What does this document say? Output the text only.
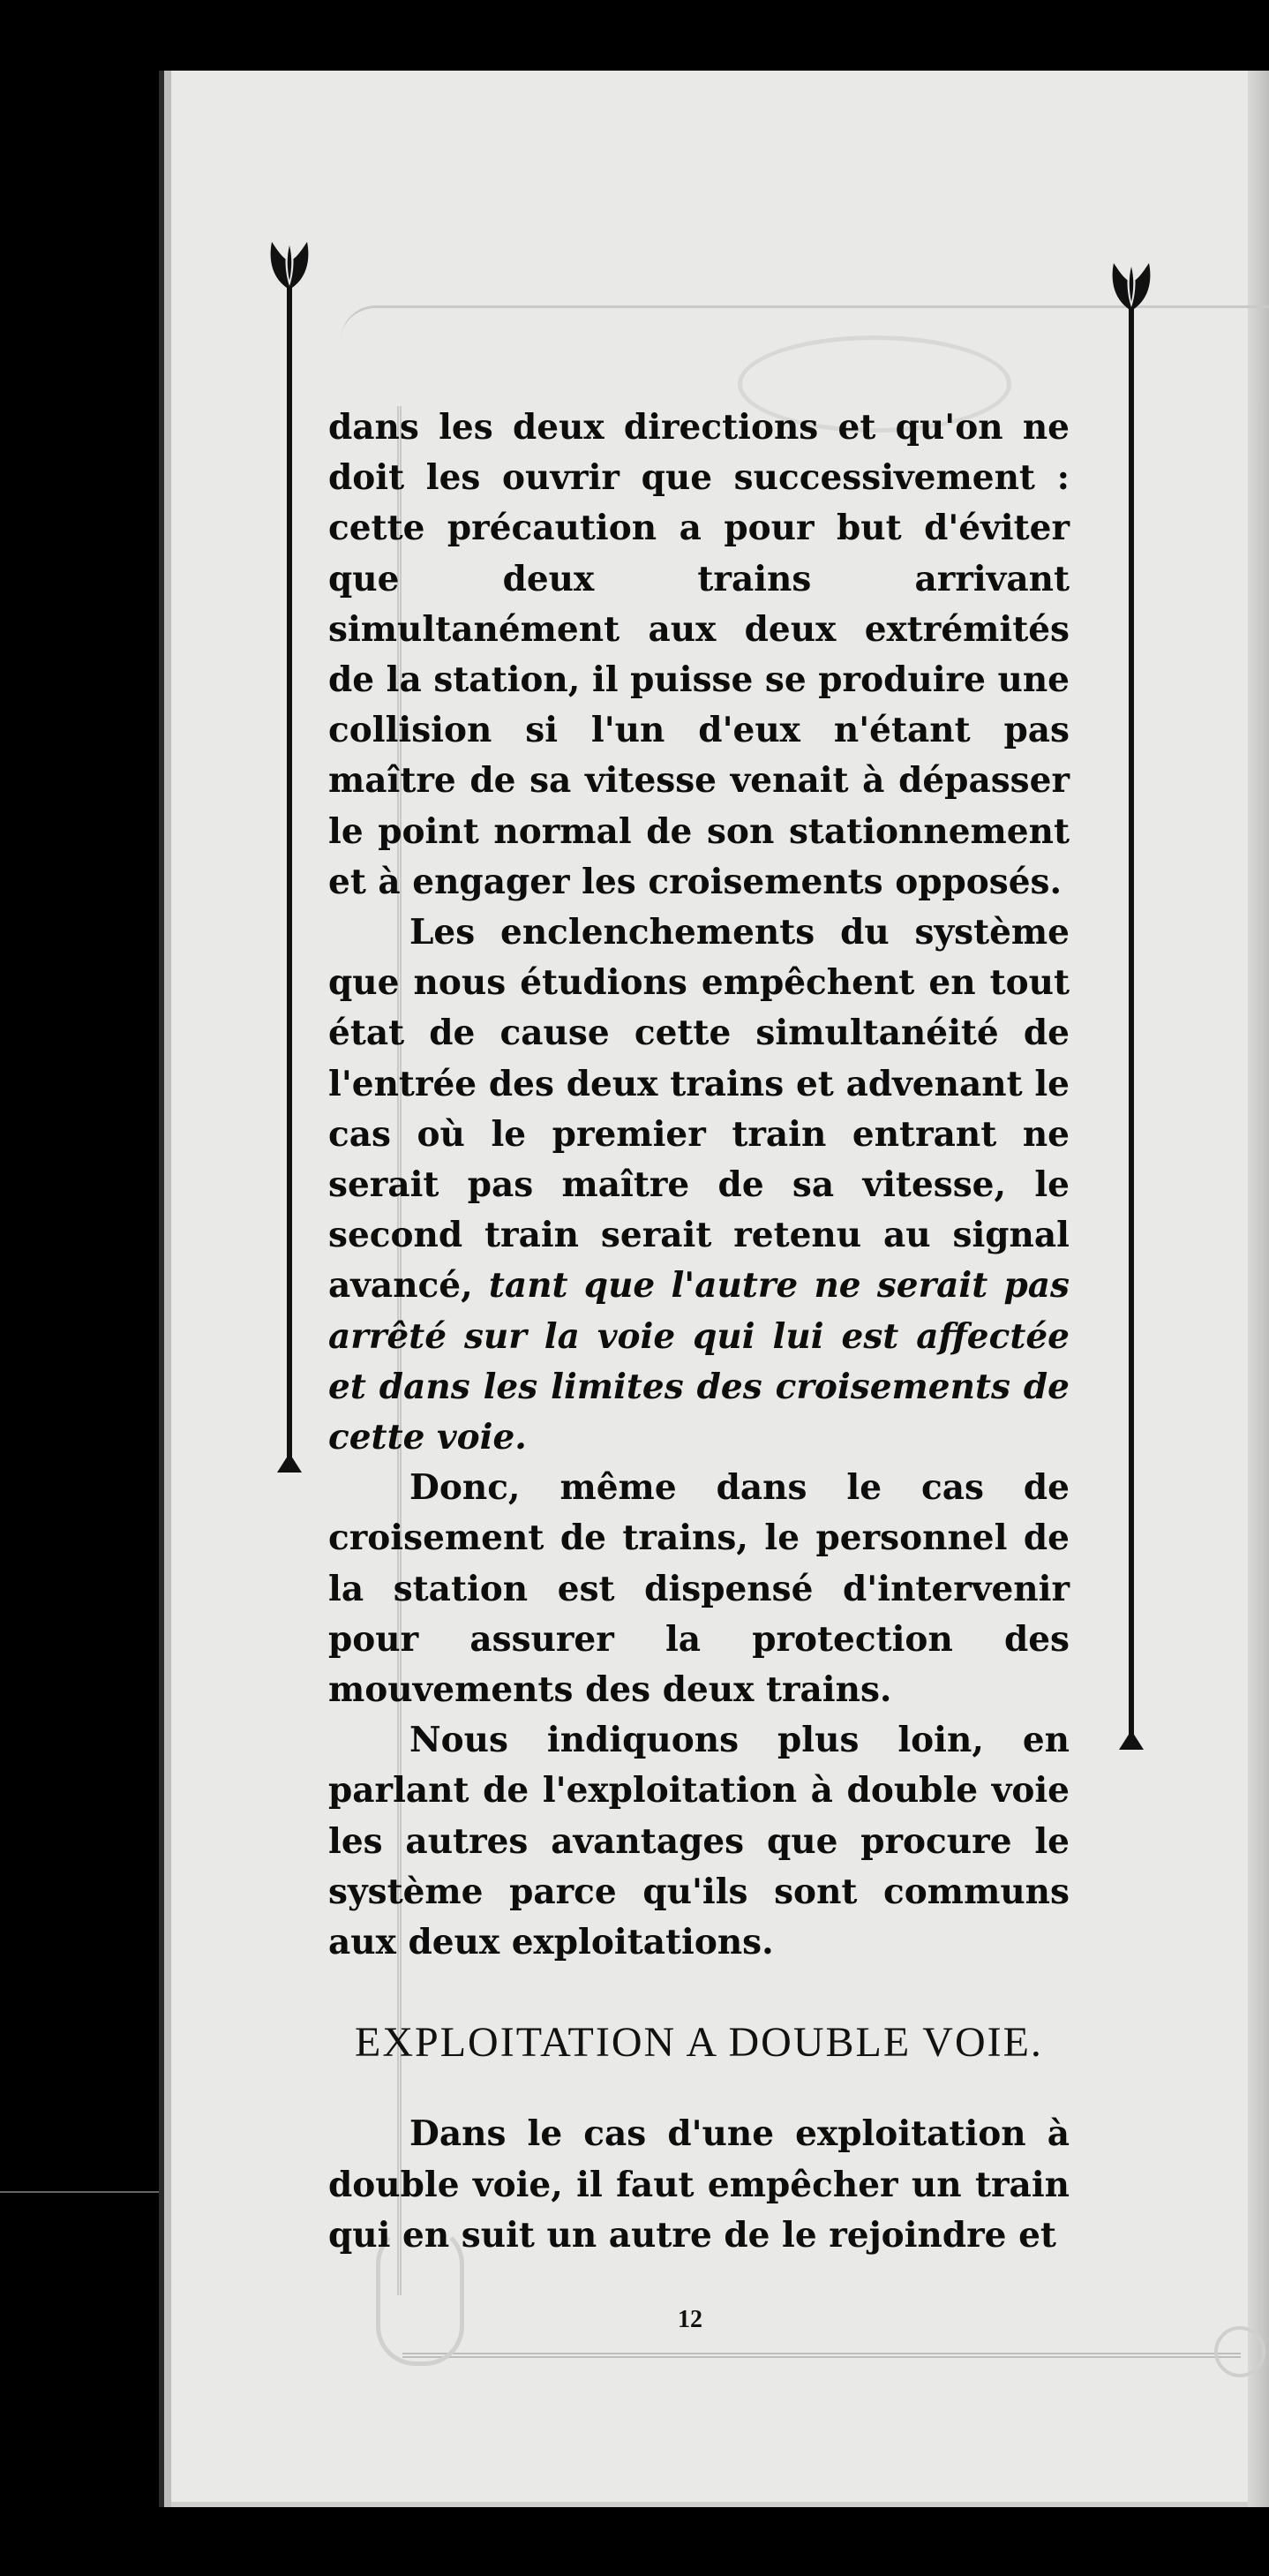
dans les deux directions et qu'on ne doit les ouvrir que successivement : cette précaution a pour but d'éviter que deux trains arrivant simultanément aux deux extrémités de la station, il puisse se produire une collision si l'un d'eux n'étant pas maître de sa vitesse venait à dépasser le point normal de son stationnement et à engager les croisements opposés.

Les enclenchements du système que nous étudions empêchent en tout état de cause cette simultanéité de l'entrée des deux trains et advenant le cas où le premier train entrant ne serait pas maître de sa vitesse, le second train serait retenu au signal avancé, tant que l'autre ne serait pas arrêté sur la voie qui lui est affectée et dans les limites des croisements de cette voie.

Donc, même dans le cas de croisement de trains, le personnel de la station est dispensé d'intervenir pour assurer la protection des mouvements des deux trains.

Nous indiquons plus loin, en parlant de l'exploitation à double voie les autres avantages que procure le système parce qu'ils sont communs aux deux exploitations.

EXPLOITATION A DOUBLE VOIE.

Dans le cas d'une exploitation à double voie, il faut empêcher un train qui en suit un autre de le rejoindre et

12
